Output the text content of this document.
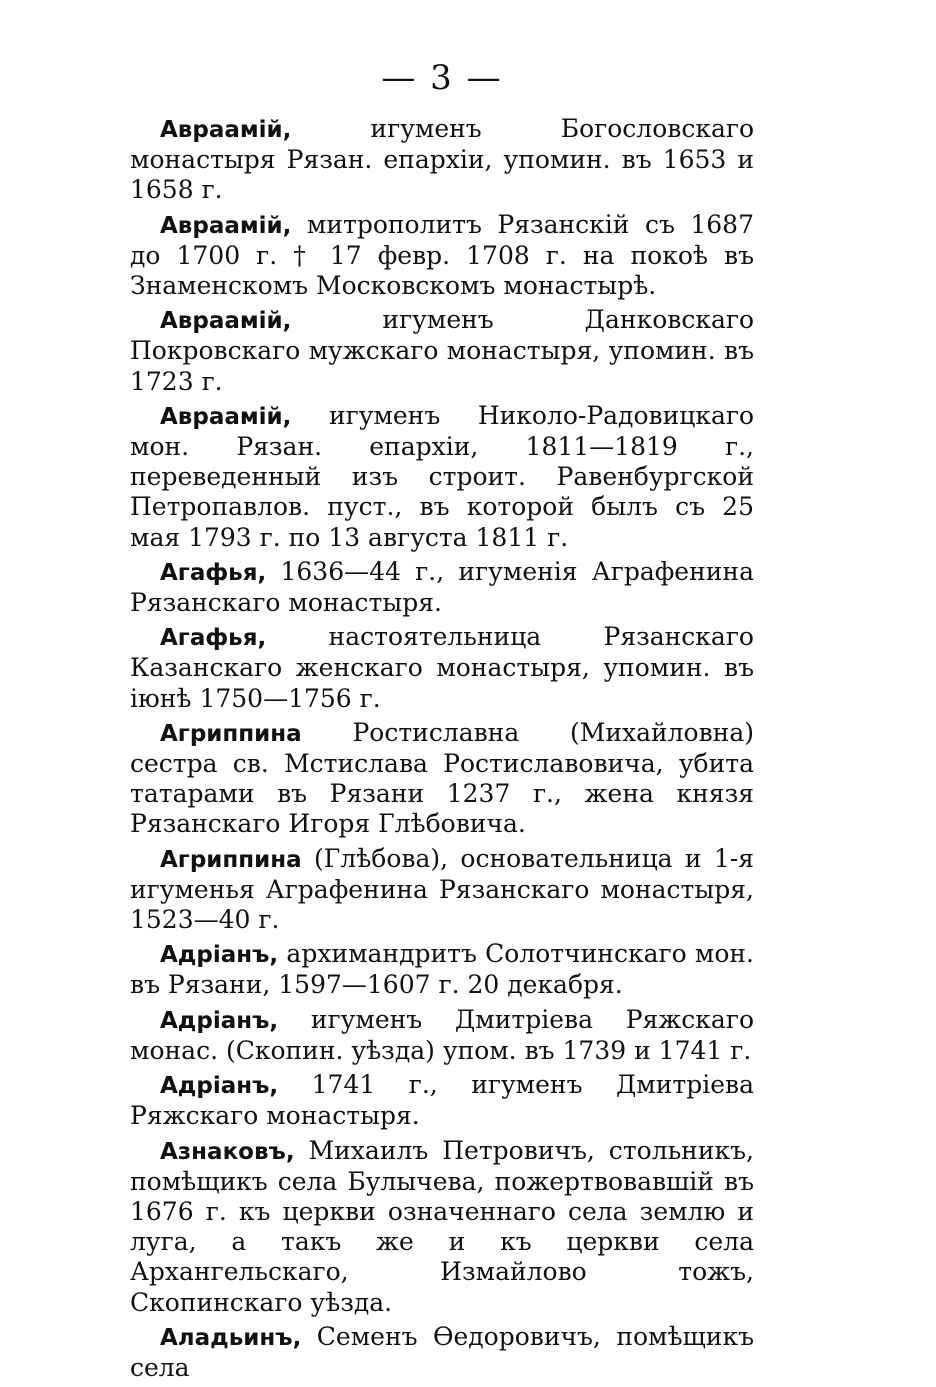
— 3 —

Авраамій, игуменъ Богословскаго монастыря Рязан. епархіи, упомин. въ 1653 и 1658 г.

Авраамій, митрополитъ Рязанскій съ 1687 до 1700 г. † 17 февр. 1708 г. на покоѣ въ Знаменскомъ Московскомъ монастырѣ.

Авраамій, игуменъ Данковскаго Покровскаго мужскаго монастыря, упомин. въ 1723 г.

Авраамій, игуменъ Николо-Радовицкаго мон. Рязан. епархіи, 1811—1819 г., переведенный изъ строит. Равенбургской Петропавлов. пуст., въ которой былъ съ 25 мая 1793 г. по 13 августа 1811 г.

Агафья, 1636—44 г., игуменія Аграфенина Рязанскаго монастыря.

Агафья, настоятельница Рязанскаго Казанскаго женскаго монастыря, упомин. въ іюнѣ 1750—1756 г.

Агриппина Ростиславна (Михайловна) сестра св. Мстислава Ростиславовича, убита татарами въ Рязани 1237 г., жена князя Рязанскаго Игоря Глѣбовича.

Агриппина (Глѣбова), основательница и 1-я игуменья Аграфенина Рязанскаго монастыря, 1523—40 г.

Адріанъ, архимандритъ Солотчинскаго мон. въ Рязани, 1597—1607 г. 20 декабря.

Адріанъ, игуменъ Дмитріева Ряжскаго монас. (Скопин. уѣзда) упом. въ 1739 и 1741 г.

Адріанъ, 1741 г., игуменъ Дмитріева Ряжскаго монастыря.

Азнаковъ, Михаилъ Петровичъ, стольникъ, помѣщикъ села Булычева, пожертвовавшій въ 1676 г. къ церкви означеннаго села землю и луга, а такъ же и къ церкви села Архангельскаго, Измайлово тожъ, Скопинскаго уѣзда.

Аладьинъ, Семенъ Ѳедоровичъ, помѣщикъ села
